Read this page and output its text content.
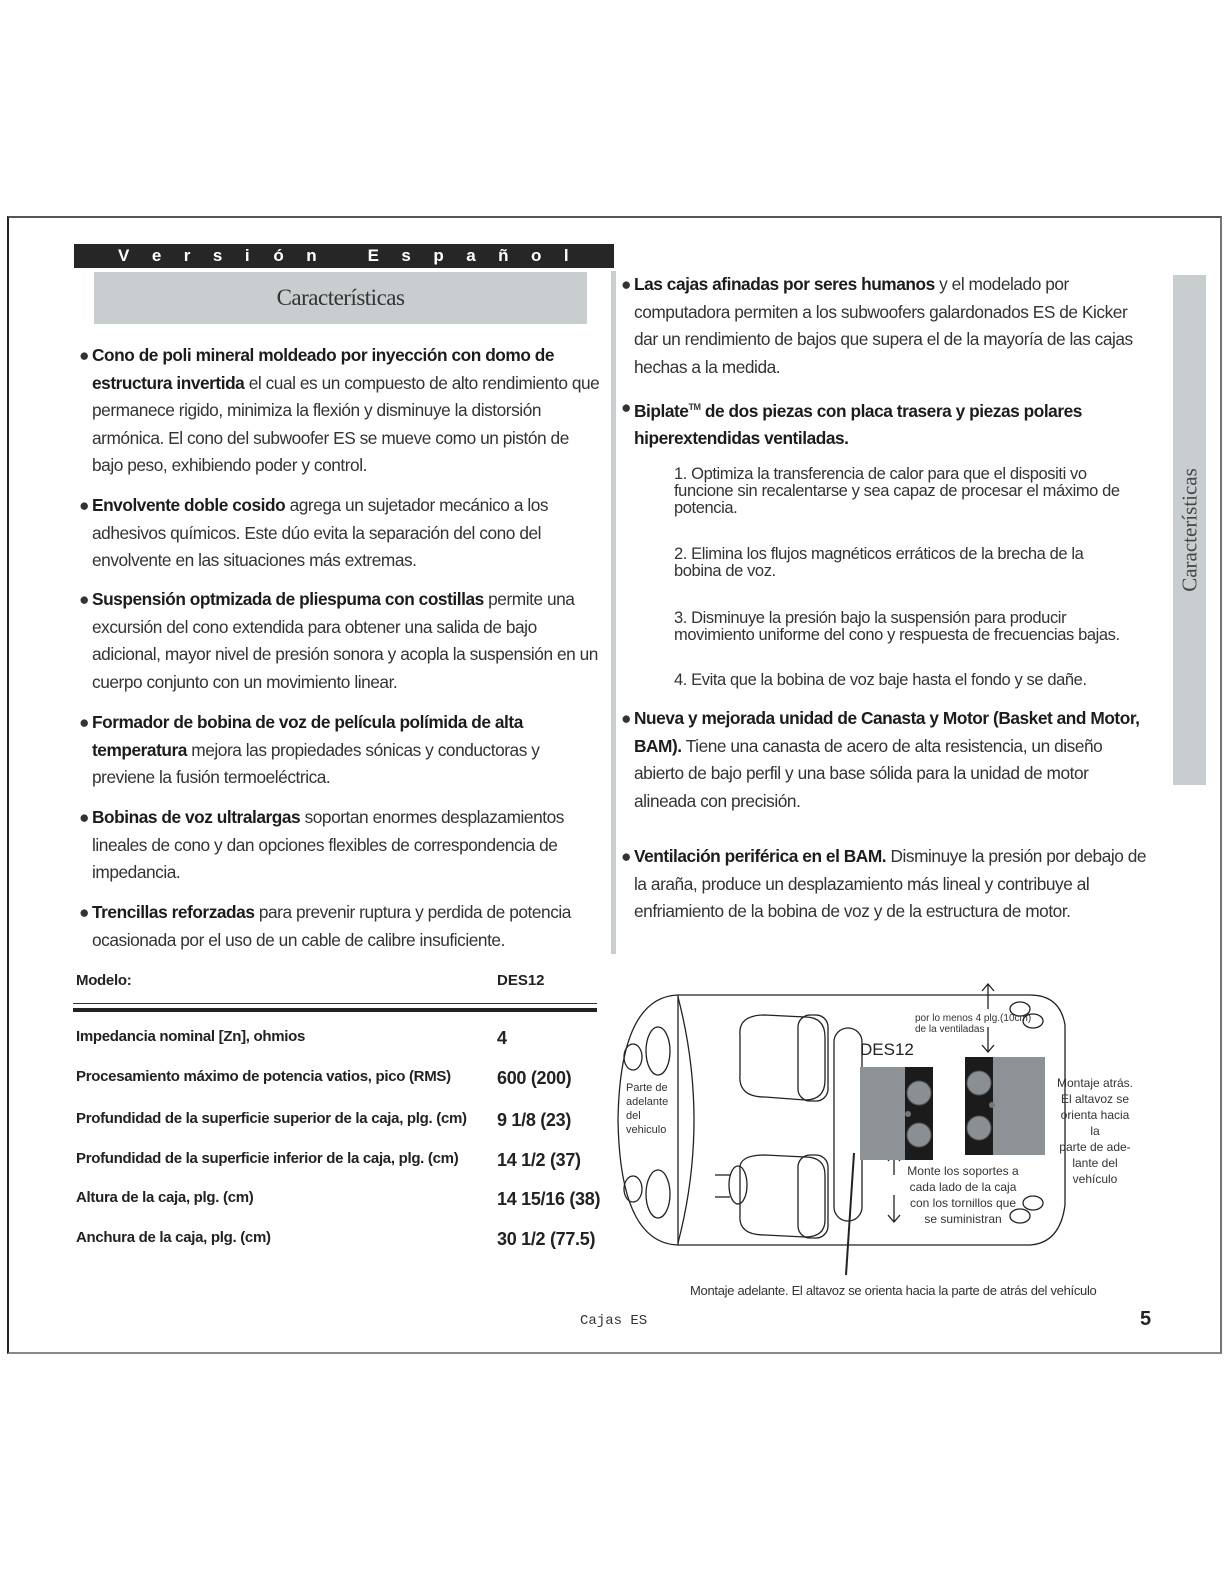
V e r s i ó n	E s p a ñ o l
Características
Características
● Cono de poli mineral moldeado por inyección con domo de estructura invertida el cual es un compuesto de alto rendimiento que permanece rigido, minimiza la flexión y disminuye la distorsión armónica. El cono del subwoofer ES se mueve como un pistón de bajo peso, exhibiendo poder y control.
● Envolvente doble cosido agrega un sujetador mecánico a los adhesivos químicos. Este dúo evita la separación del cono del envolvente en las situaciones más extremas.
● Suspensión optmizada de pliespuma con costillas permite una excursión del cono extendida para obtener una salida de bajo adicional, mayor nivel de presión sonora y acopla la suspensión en un cuerpo conjunto con un movimiento linear.
● Formador de bobina de voz de película polímida de alta temperatura mejora las propiedades sónicas y conductoras y previene la fusión termoeléctrica.
● Bobinas de voz ultralargas soportan enormes desplazamientos lineales de cono y dan opciones flexibles de correspondencia de impedancia.
● Trencillas reforzadas para prevenir ruptura y perdida de potencia ocasionada por el uso de un cable de calibre insuficiente.
● Las cajas afinadas por seres humanos y el modelado por computadora permiten a los subwoofers galardonados ES de Kicker dar un rendimiento de bajos que supera el de la mayoría de las cajas hechas a la medida.
● Biplate™ de dos piezas con placa trasera y piezas polares hiperextendidas ventiladas.
1. Optimiza la transferencia de calor para que el dispositi vo funcione sin recalentarse y sea capaz de procesar el máximo de potencia.
2. Elimina los flujos magnéticos erráticos de la brecha de la bobina de voz.
3. Disminuye la presión bajo la suspensión para producir movimiento uniforme del cono y respuesta de frecuencias bajas.
4. Evita que la bobina de voz baje hasta el fondo y se dañe.
● Nueva y mejorada unidad de Canasta y Motor (Basket and Motor, BAM). Tiene una canasta de acero de alta resistencia, un diseño abierto de bajo perfil y una base sólida para la unidad de motor alineada con precisión.
● Ventilación periférica en el BAM. Disminuye la presión por debajo de la araña, produce un desplazamiento más lineal y contribuye al enfriamiento de la bobina de voz y de la estructura de motor.
Modelo:	DES12
Impedancia nominal [Zn], ohmios	4
Procesamiento máximo de potencia vatios, pico (RMS)	600 (200)
Profundidad de la superficie superior de la caja, plg. (cm) 9 1/8 (23)
Profundidad de la superficie inferior de la caja, plg. (cm) 14 1/2 (37)
Altura de la caja, plg. (cm)	14 15/16 (38)
Anchura de la caja, plg. (cm)	30 1/2 (77.5)
Parte de
adelante
del
vehiculo
DES12
por lo menos 4 plg.(10cm)
de la ventiladas
Montaje atrás.
El altavoz se
orienta hacia la
parte de ade-
lante del
vehículo
Monte los soportes a
cada lado de la caja
con los tornillos que
se suministran
Montaje adelante. El altavoz se orienta hacia la parte de atrás del vehículo
Cajas ES	5
